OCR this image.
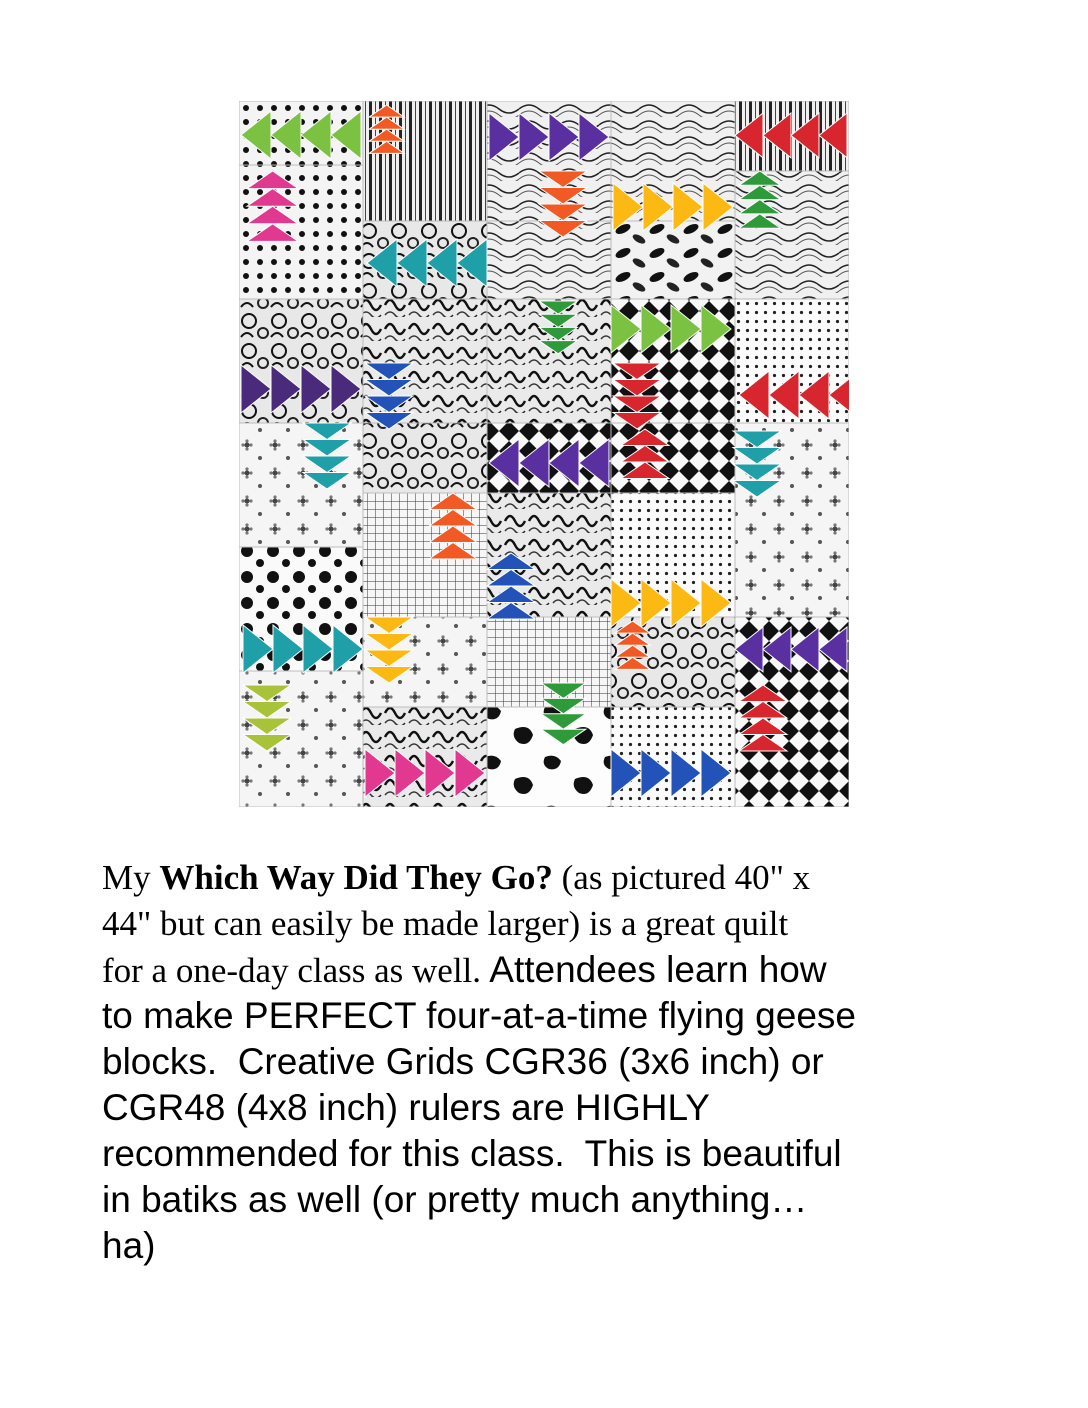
My Which Way Did They Go? (as pictured 40" x
44" but can easily be made larger) is a great quilt
for a one-day class as well. Attendees learn how
to make PERFECT four-at-a-time flying geese
blocks.  Creative Grids CGR36 (3x6 inch) or
CGR48 (4x8 inch) rulers are HIGHLY
recommended for this class.  This is beautiful
in batiks as well (or pretty much anything…
ha)
